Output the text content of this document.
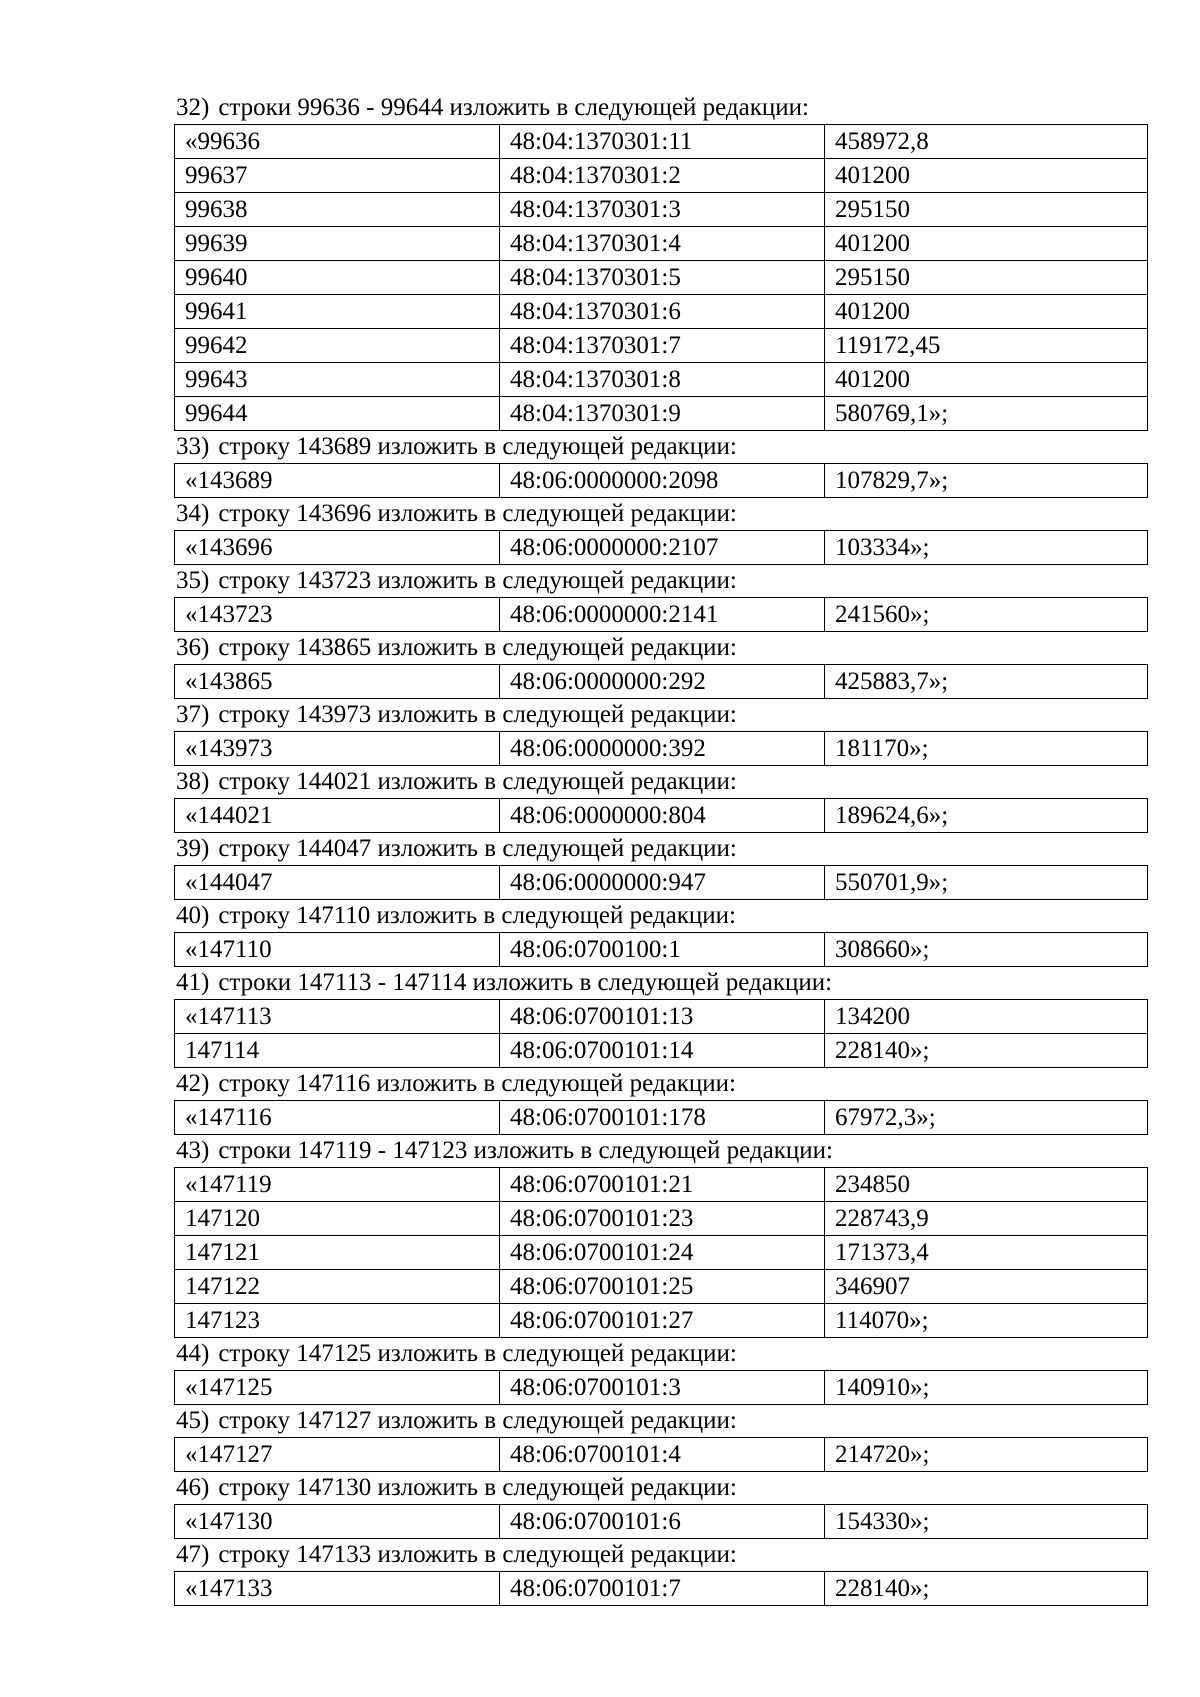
32) строки 99636 - 99644 изложить в следующей редакции:
«99636	48:04:1370301:11	458972,8
99637	48:04:1370301:2	401200
99638	48:04:1370301:3	295150
99639	48:04:1370301:4	401200
99640	48:04:1370301:5	295150
99641	48:04:1370301:6	401200
99642	48:04:1370301:7	119172,45
99643	48:04:1370301:8	401200
99644	48:04:1370301:9	580769,1»;
33) строку 143689 изложить в следующей редакции:
«143689	48:06:0000000:2098	107829,7»;
34) строку 143696 изложить в следующей редакции:
«143696	48:06:0000000:2107	103334»;
35) строку 143723 изложить в следующей редакции:
«143723	48:06:0000000:2141	241560»;
36) строку 143865 изложить в следующей редакции:
«143865	48:06:0000000:292	425883,7»;
37) строку 143973 изложить в следующей редакции:
«143973	48:06:0000000:392	181170»;
38) строку 144021 изложить в следующей редакции:
«144021	48:06:0000000:804	189624,6»;
39) строку 144047 изложить в следующей редакции:
«144047	48:06:0000000:947	550701,9»;
40) строку 147110 изложить в следующей редакции:
«147110	48:06:0700100:1	308660»;
41) строки 147113 - 147114 изложить в следующей редакции:
«147113	48:06:0700101:13	134200
147114	48:06:0700101:14	228140»;
42) строку 147116 изложить в следующей редакции:
«147116	48:06:0700101:178	67972,3»;
43) строки 147119 - 147123 изложить в следующей редакции:
«147119	48:06:0700101:21	234850
147120	48:06:0700101:23	228743,9
147121	48:06:0700101:24	171373,4
147122	48:06:0700101:25	346907
147123	48:06:0700101:27	114070»;
44) строку 147125 изложить в следующей редакции:
«147125	48:06:0700101:3	140910»;
45) строку 147127 изложить в следующей редакции:
«147127	48:06:0700101:4	214720»;
46) строку 147130 изложить в следующей редакции:
«147130	48:06:0700101:6	154330»;
47) строку 147133 изложить в следующей редакции:
«147133	48:06:0700101:7	228140»;
